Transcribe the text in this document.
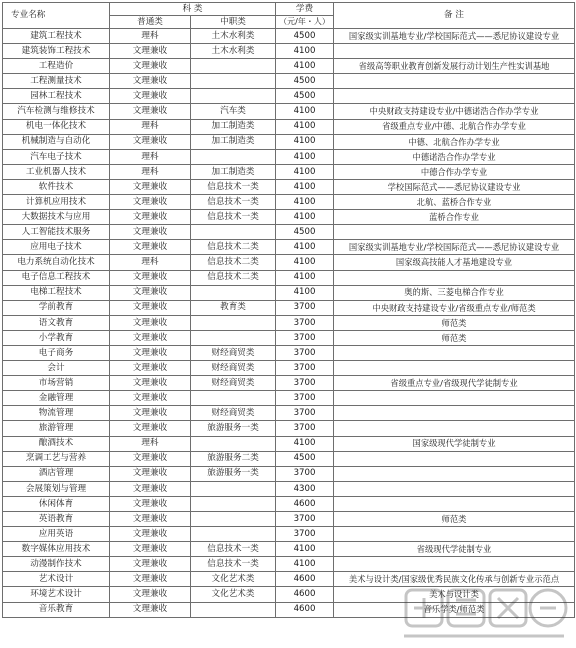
专业名称	科 类		学费	备 注
	普通类	中职类	（元/年・人）	
建筑工程技术	理科	土木水利类	4500	国家级实训基地专业/学校国际范式——悉尼协议建设专业
建筑装饰工程技术	文理兼收	土木水利类	4100	
工程造价	文理兼收		4100	省级高等职业教育创新发展行动计划生产性实训基地
工程测量技术	文理兼收		4500	
园林工程技术	文理兼收		4500	
汽车检测与维修技术	文理兼收	汽车类	4100	中央财政支持建设专业/中德诺浩合作办学专业
机电一体化技术	理科	加工制造类	4100	省级重点专业/中德、北航合作办学专业
机械制造与自动化	文理兼收	加工制造类	4100	中德、北航合作办学专业
汽车电子技术	理科		4100	中德诺浩合作办学专业
工业机器人技术	理科	加工制造类	4100	中德合作办学专业
软件技术	文理兼收	信息技术一类	4100	学校国际范式——悉尼协议建设专业
计算机应用技术	文理兼收	信息技术一类	4100	北航、蓝桥合作专业
大数据技术与应用	文理兼收	信息技术一类	4100	蓝桥合作专业
人工智能技术服务	文理兼收		4500	
应用电子技术	文理兼收	信息技术二类	4100	国家级实训基地专业/学校国际范式——悉尼协议建设专业
电力系统自动化技术	理科	信息技术二类	4100	国家级高技能人才基地建设专业
电子信息工程技术	文理兼收	信息技术二类	4100	
电梯工程技术	文理兼收		4100	奥的斯、三菱电梯合作专业
学前教育	文理兼收	教育类	3700	中央财政支持建设专业/省级重点专业/师范类
语文教育	文理兼收		3700	师范类
小学教育	文理兼收		3700	师范类
电子商务	文理兼收	财经商贸类	3700	
会计	文理兼收	财经商贸类	3700	
市场营销	文理兼收	财经商贸类	3700	省级重点专业/省级现代学徒制专业
金融管理	文理兼收		3700	
物流管理	文理兼收	财经商贸类	3700	
旅游管理	文理兼收	旅游服务一类	3700	
酿酒技术	理科		4100	国家级现代学徒制专业
烹调工艺与营养	文理兼收	旅游服务二类	4500	
酒店管理	文理兼收	旅游服务一类	3700	
会展策划与管理	文理兼收		4300	
休闲体育	文理兼收		4600	
英语教育	文理兼收		3700	师范类
应用英语	文理兼收		3700	
数字媒体应用技术	文理兼收	信息技术一类	4100	省级现代学徒制专业
动漫制作技术	文理兼收	信息技术一类	4100	
艺术设计	文理兼收	文化艺术类	4600	美术与设计类/国家级优秀民族文化传承与创新专业示范点
环境艺术设计	文理兼收	文化艺术类	4600	美术与设计类
音乐教育	文理兼收		4600	音乐学类/师范类
